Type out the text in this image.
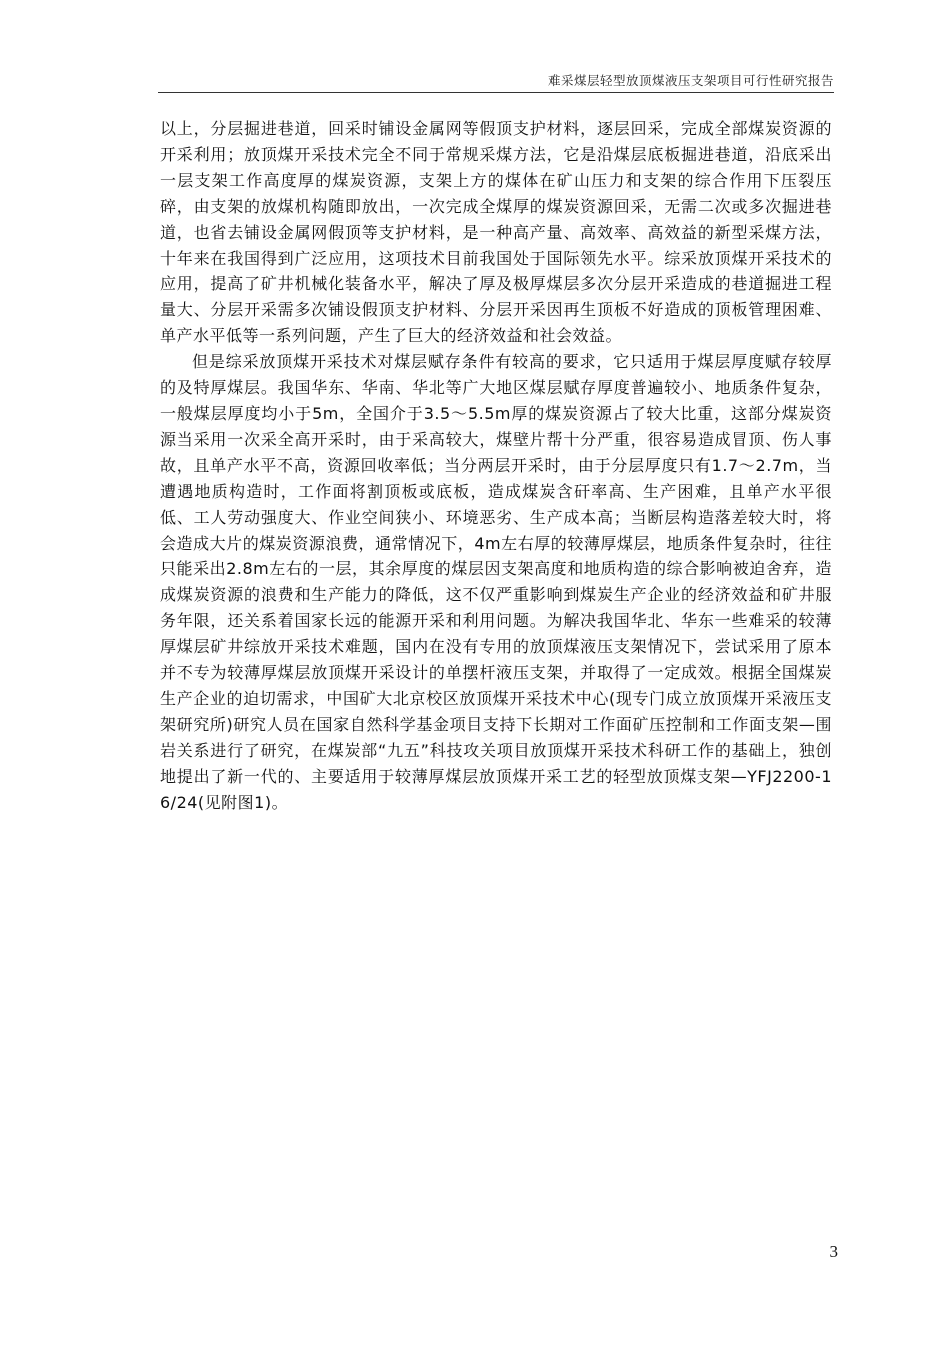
难采煤层轻型放顶煤液压支架项目可行性研究报告

以上，分层掘进巷道，回采时铺设金属网等假顶支护材料，逐层回采，完成全部煤炭资源的开采利用；放顶煤开采技术完全不同于常规采煤方法，它是沿煤层底板掘进巷道，沿底采出一层支架工作高度厚的煤炭资源，支架上方的煤体在矿山压力和支架的综合作用下压裂压碎，由支架的放煤机构随即放出，一次完成全煤厚的煤炭资源回采，无需二次或多次掘进巷道，也省去铺设金属网假顶等支护材料，是一种高产量、高效率、高效益的新型采煤方法，十年来在我国得到广泛应用，这项技术目前我国处于国际领先水平。综采放顶煤开采技术的应用，提高了矿井机械化装备水平，解决了厚及极厚煤层多次分层开采造成的巷道掘进工程量大、分层开采需多次铺设假顶支护材料、分层开采因再生顶板不好造成的顶板管理困难、单产水平低等一系列问题，产生了巨大的经济效益和社会效益。

但是综采放顶煤开采技术对煤层赋存条件有较高的要求，它只适用于煤层厚度赋存较厚的及特厚煤层。我国华东、华南、华北等广大地区煤层赋存厚度普遍较小、地质条件复杂，一般煤层厚度均小于5m，全国介于3.5～5.5m厚的煤炭资源占了较大比重，这部分煤炭资源当采用一次采全高开采时，由于采高较大，煤壁片帮十分严重，很容易造成冒顶、伤人事故，且单产水平不高，资源回收率低；当分两层开采时，由于分层厚度只有1.7～2.7m，当遭遇地质构造时，工作面将割顶板或底板，造成煤炭含矸率高、生产困难，且单产水平很低、工人劳动强度大、作业空间狭小、环境恶劣、生产成本高；当断层构造落差较大时，将会造成大片的煤炭资源浪费，通常情况下，4m左右厚的较薄厚煤层，地质条件复杂时，往往只能采出2.8m左右的一层，其余厚度的煤层因支架高度和地质构造的综合影响被迫舍弃，造成煤炭资源的浪费和生产能力的降低，这不仅严重影响到煤炭生产企业的经济效益和矿井服务年限，还关系着国家长远的能源开采和利用问题。为解决我国华北、华东一些难采的较薄厚煤层矿井综放开采技术难题，国内在没有专用的放顶煤液压支架情况下，尝试采用了原本并不专为较薄厚煤层放顶煤开采设计的单摆杆液压支架，并取得了一定成效。根据全国煤炭生产企业的迫切需求，中国矿大北京校区放顶煤开采技术中心(现专门成立放顶煤开采液压支架研究所)研究人员在国家自然科学基金项目支持下长期对工作面矿压控制和工作面支架—围岩关系进行了研究，在煤炭部“九五”科技攻关项目放顶煤开采技术科研工作的基础上，独创地提出了新一代的、主要适用于较薄厚煤层放顶煤开采工艺的轻型放顶煤支架—YFJ2200-16/24(见附图1)。

3
